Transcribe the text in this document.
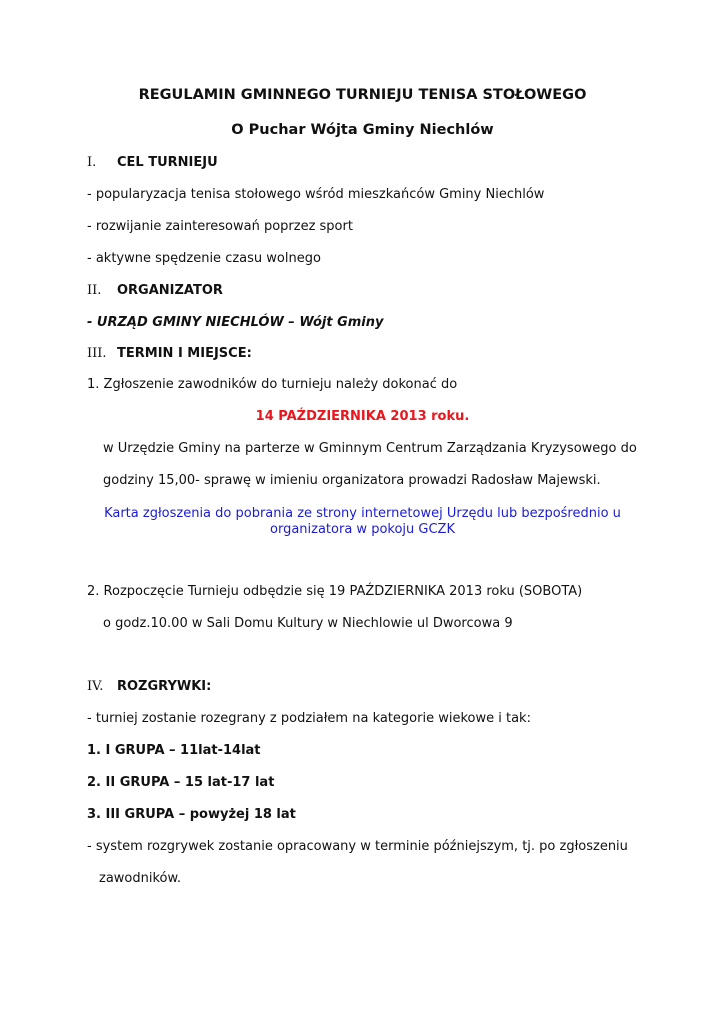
REGULAMIN GMINNEGO TURNIEJU TENISA STOŁOWEGO
O Puchar Wójta Gminy Niechlów
I. CEL TURNIEJU
- popularyzacja tenisa stołowego wśród mieszkańców Gminy Niechlów
- rozwijanie zainteresowań poprzez sport
- aktywne spędzenie czasu wolnego
II. ORGANIZATOR
- URZĄD GMINY NIECHLÓW – Wójt Gminy
III. TERMIN I MIEJSCE:
1. Zgłoszenie zawodników do turnieju należy dokonać do
14 PAŹDZIERNIKA 2013 roku.
w Urzędzie Gminy na parterze w Gminnym Centrum Zarządzania Kryzysowego do
godziny 15,00- sprawę w imieniu organizatora prowadzi Radosław Majewski.
Karta zgłoszenia do pobrania ze strony internetowej Urzędu lub bezpośrednio u
organizatora w pokoju GCZK
2. Rozpoczęcie Turnieju odbędzie się 19 PAŹDZIERNIKA 2013 roku (SOBOTA)
o godz.10.00 w Sali Domu Kultury w Niechlowie ul Dworcowa 9
IV. ROZGRYWKI:
- turniej zostanie rozegrany z podziałem na kategorie wiekowe i tak:
1. I GRUPA – 11lat-14lat
2. II GRUPA – 15 lat-17 lat
3. III GRUPA – powyżej 18 lat
- system rozgrywek zostanie opracowany w terminie późniejszym, tj. po zgłoszeniu
zawodników.
